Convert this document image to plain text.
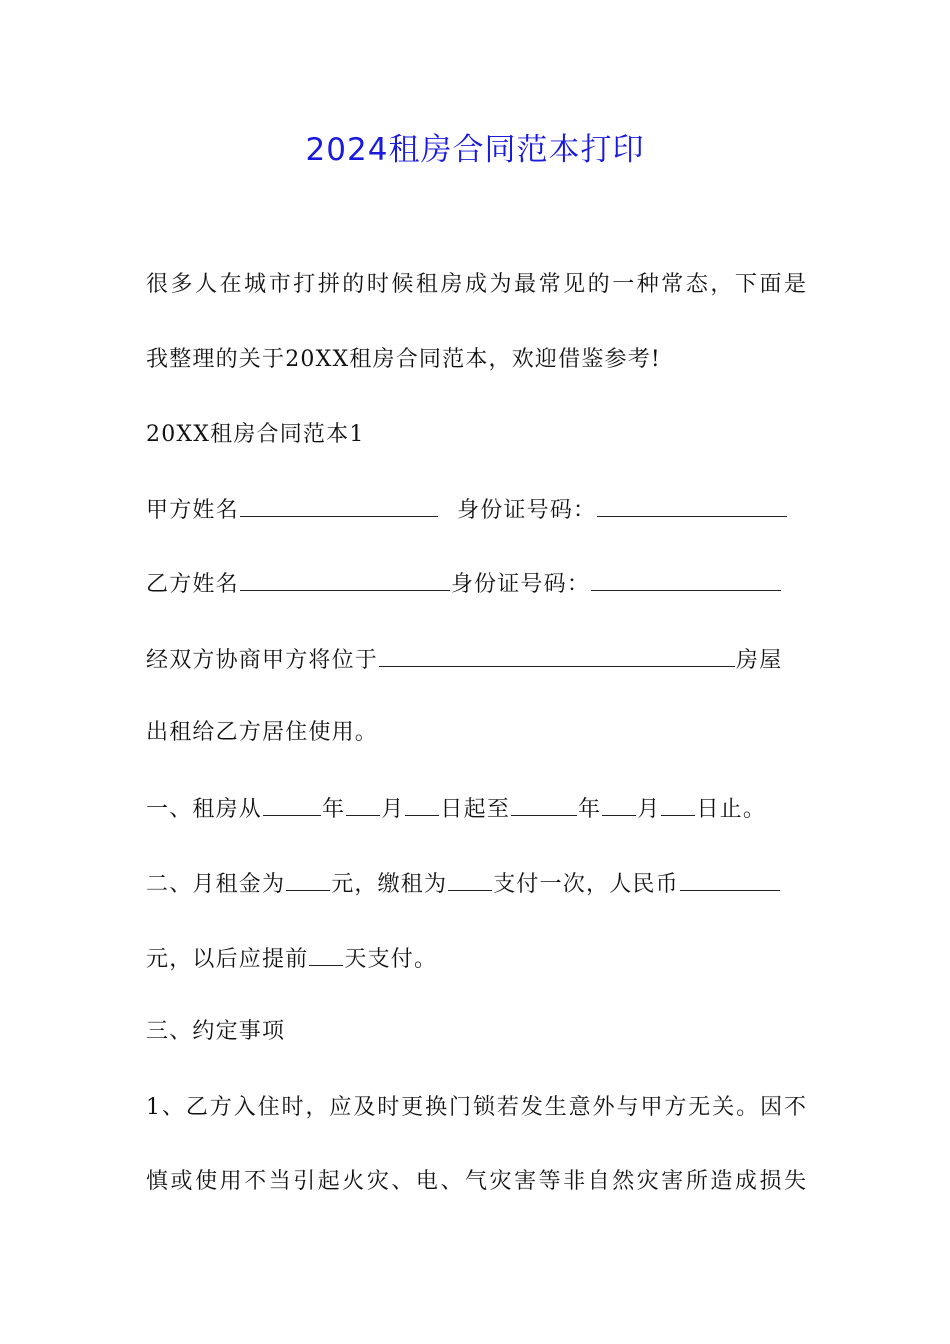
2024租房合同范本打印
很多人在城市打拼的时候租房成为最常见的一种常态，下面是
我整理的关于20XX租房合同范本，欢迎借鉴参考!
20XX租房合同范本1
甲方姓名	身份证号码：
乙方姓名	身份证号码：
经双方协商甲方将位于	房屋
出租给乙方居住使用。
一、租房从	年 月 日起至	年 月 日止。
二、月租金为 元，缴租为 支付一次，人民币
元，以后应提前 天支付。
三、约定事项
1、乙方入住时，应及时更换门锁若发生意外与甲方无关。因不
慎或使用不当引起火灾、电、气灾害等非自然灾害所造成损失
